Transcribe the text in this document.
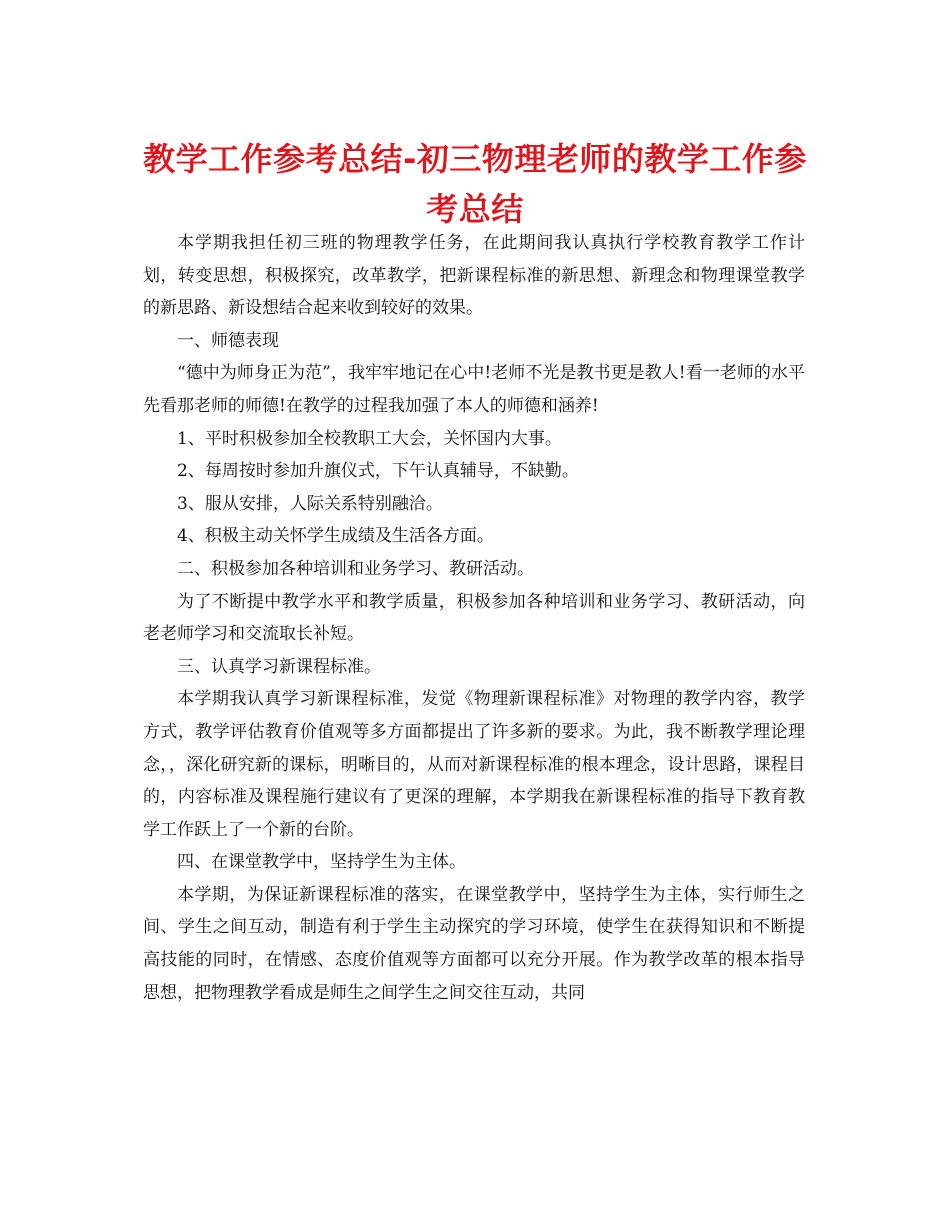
教学工作参考总结-初三物理老师的教学工作参考总结

本学期我担任初三班的物理教学任务，在此期间我认真执行学校教育教学工作计划，转变思想，积极探究，改革教学，把新课程标准的新思想、新理念和物理课堂教学的新思路、新设想结合起来收到较好的效果。

一、师德表现

“德中为师身正为范”，我牢牢地记在心中!老师不光是教书更是教人!看一老师的水平先看那老师的师德!在教学的过程我加强了本人的师德和涵养!

1、平时积极参加全校教职工大会，关怀国内大事。

2、每周按时参加升旗仪式，下午认真辅导，不缺勤。

3、服从安排，人际关系特别融洽。

4、积极主动关怀学生成绩及生活各方面。

二、积极参加各种培训和业务学习、教研活动。

为了不断提中教学水平和教学质量，积极参加各种培训和业务学习、教研活动，向老老师学习和交流取长补短。

三、认真学习新课程标准。

本学期我认真学习新课程标准，发觉《物理新课程标准》对物理的教学内容，教学方式，教学评估教育价值观等多方面都提出了许多新的要求。为此，我不断教学理论理念，，深化研究新的课标，明晰目的，从而对新课程标准的根本理念，设计思路，课程目的，内容标准及课程施行建议有了更深的理解，本学期我在新课程标准的指导下教育教学工作跃上了一个新的台阶。

四、在课堂教学中，坚持学生为主体。

本学期，为保证新课程标准的落实，在课堂教学中，坚持学生为主体，实行师生之间、学生之间互动，制造有利于学生主动探究的学习环境，使学生在获得知识和不断提高技能的同时，在情感、态度价值观等方面都可以充分开展。作为教学改革的根本指导思想，把物理教学看成是师生之间学生之间交往互动，共同
